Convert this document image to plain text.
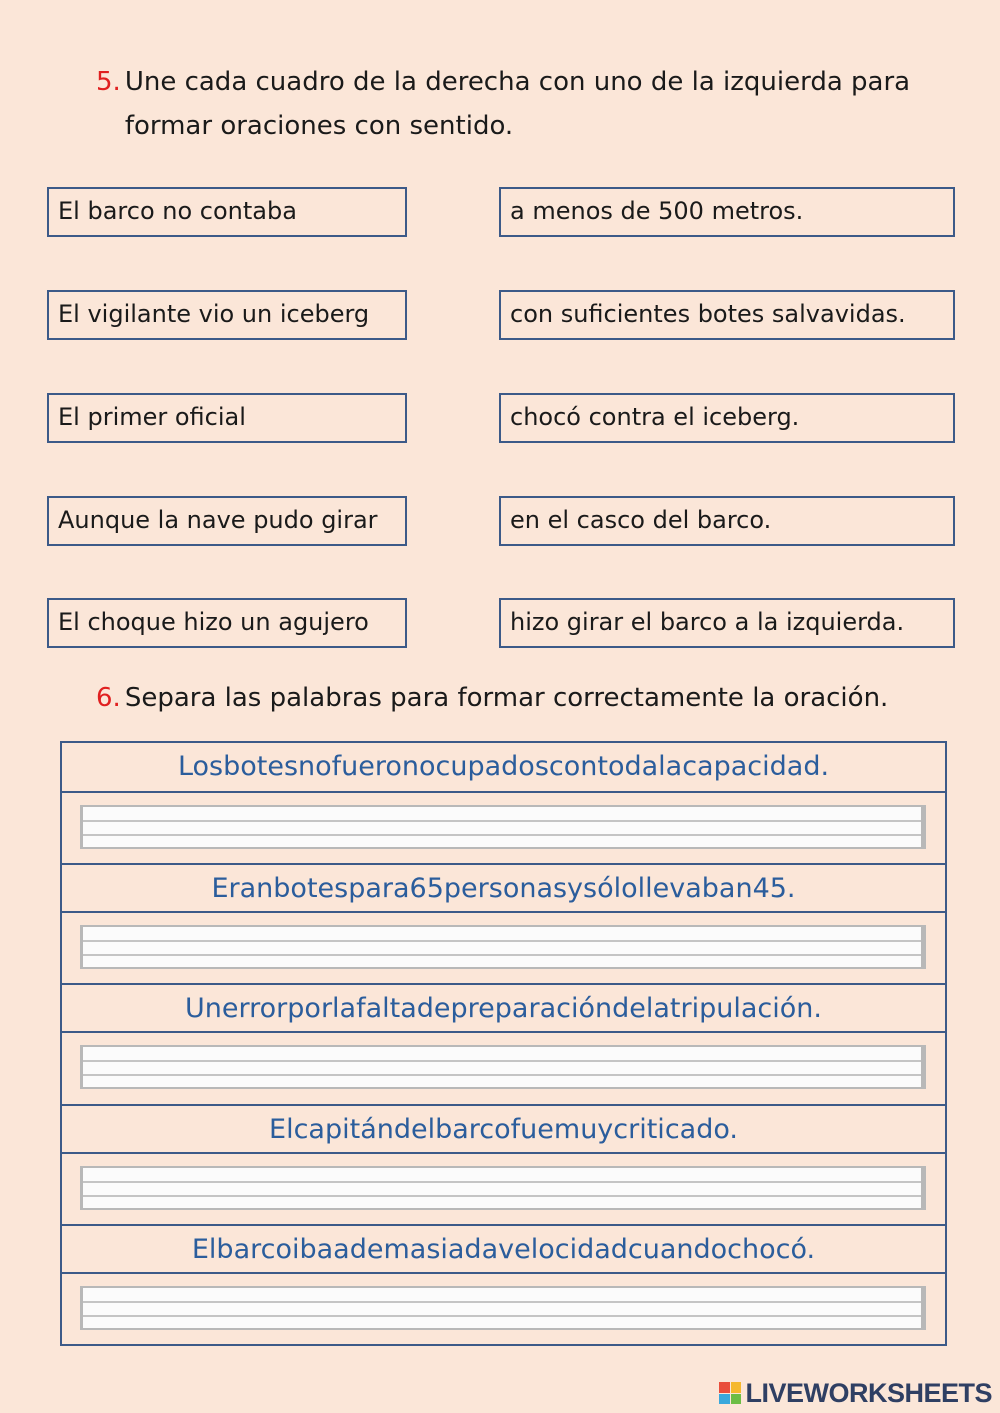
5. Une cada cuadro de la derecha con uno de la izquierda para formar oraciones con sentido.
El barco no contaba
El vigilante vio un iceberg
El primer oficial
Aunque la nave pudo girar
El choque hizo un agujero
a menos de 500 metros.
con suficientes botes salvavidas.
chocó contra el iceberg.
en el casco del barco.
hizo girar el barco a la izquierda.
6. Separa las palabras para formar correctamente la oración.
Losbotesnofueronocupadoscontodalacapacidad.
Eranbotespara65personasysólollevaban45.
Unerrorporlafaltadepreparacióndelatripulación.
Elcapitándelbarcofuemuycriticado.
Elbarcoibaademasiadavelocidadcuandochocó.
LIVEWORKSHEETS
